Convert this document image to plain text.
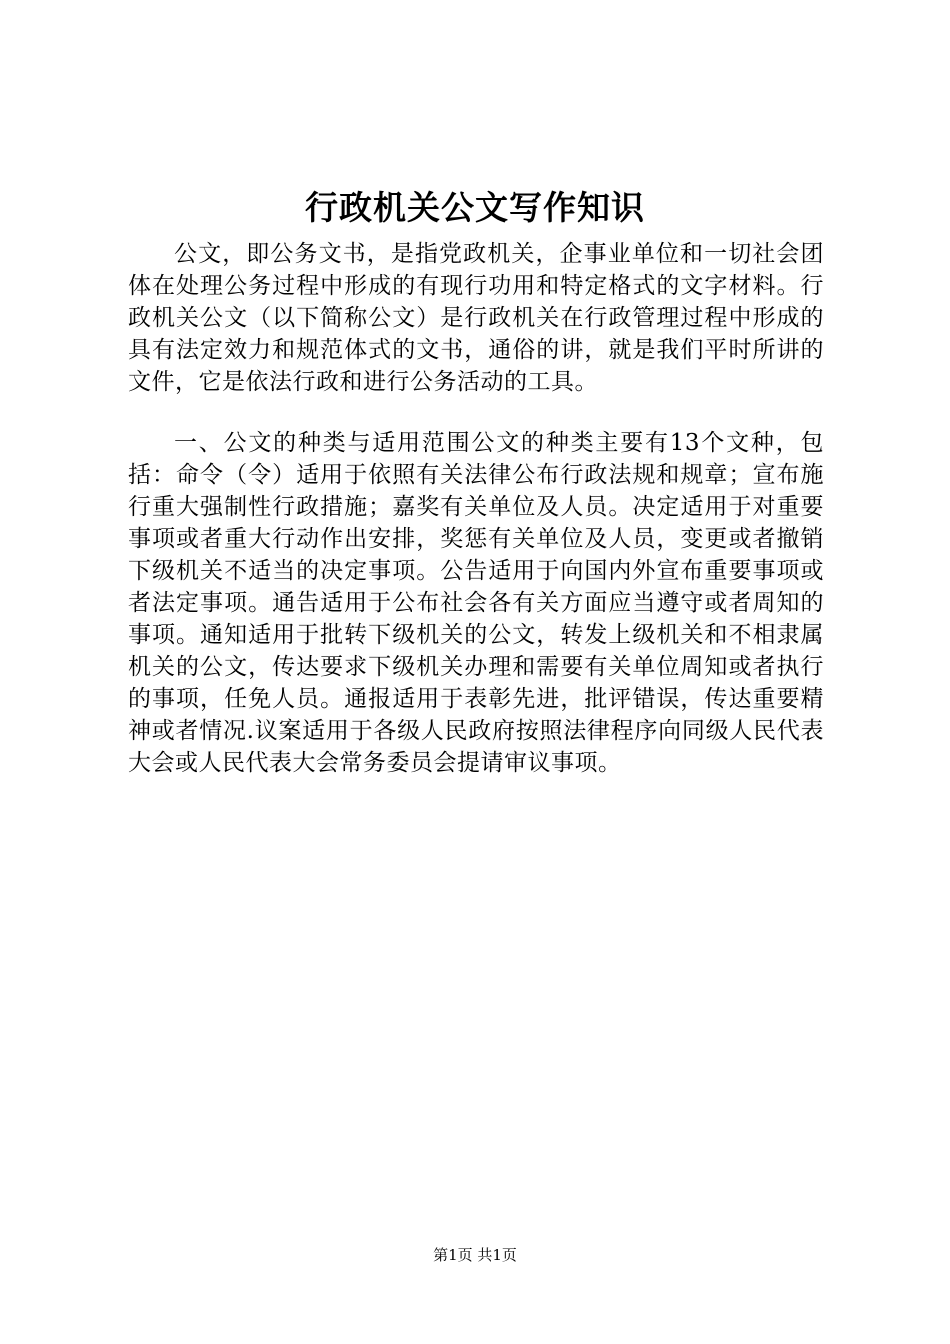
行政机关公文写作知识

公文，即公务文书，是指党政机关，企事业单位和一切社会团体在处理公务过程中形成的有现行功用和特定格式的文字材料。行政机关公文（以下简称公文）是行政机关在行政管理过程中形成的具有法定效力和规范体式的文书，通俗的讲，就是我们平时所讲的文件，它是依法行政和进行公务活动的工具。

一、公文的种类与适用范围公文的种类主要有13个文种，包括：命令（令）适用于依照有关法律公布行政法规和规章；宣布施行重大强制性行政措施；嘉奖有关单位及人员。决定适用于对重要事项或者重大行动作出安排，奖惩有关单位及人员，变更或者撤销下级机关不适当的决定事项。公告适用于向国内外宣布重要事项或者法定事项。通告适用于公布社会各有关方面应当遵守或者周知的事项。通知适用于批转下级机关的公文，转发上级机关和不相隶属机关的公文，传达要求下级机关办理和需要有关单位周知或者执行的事项，任免人员。通报适用于表彰先进，批评错误，传达重要精神或者情况.议案适用于各级人民政府按照法律程序向同级人民代表大会或人民代表大会常务委员会提请审议事项。

第1页 共1页
